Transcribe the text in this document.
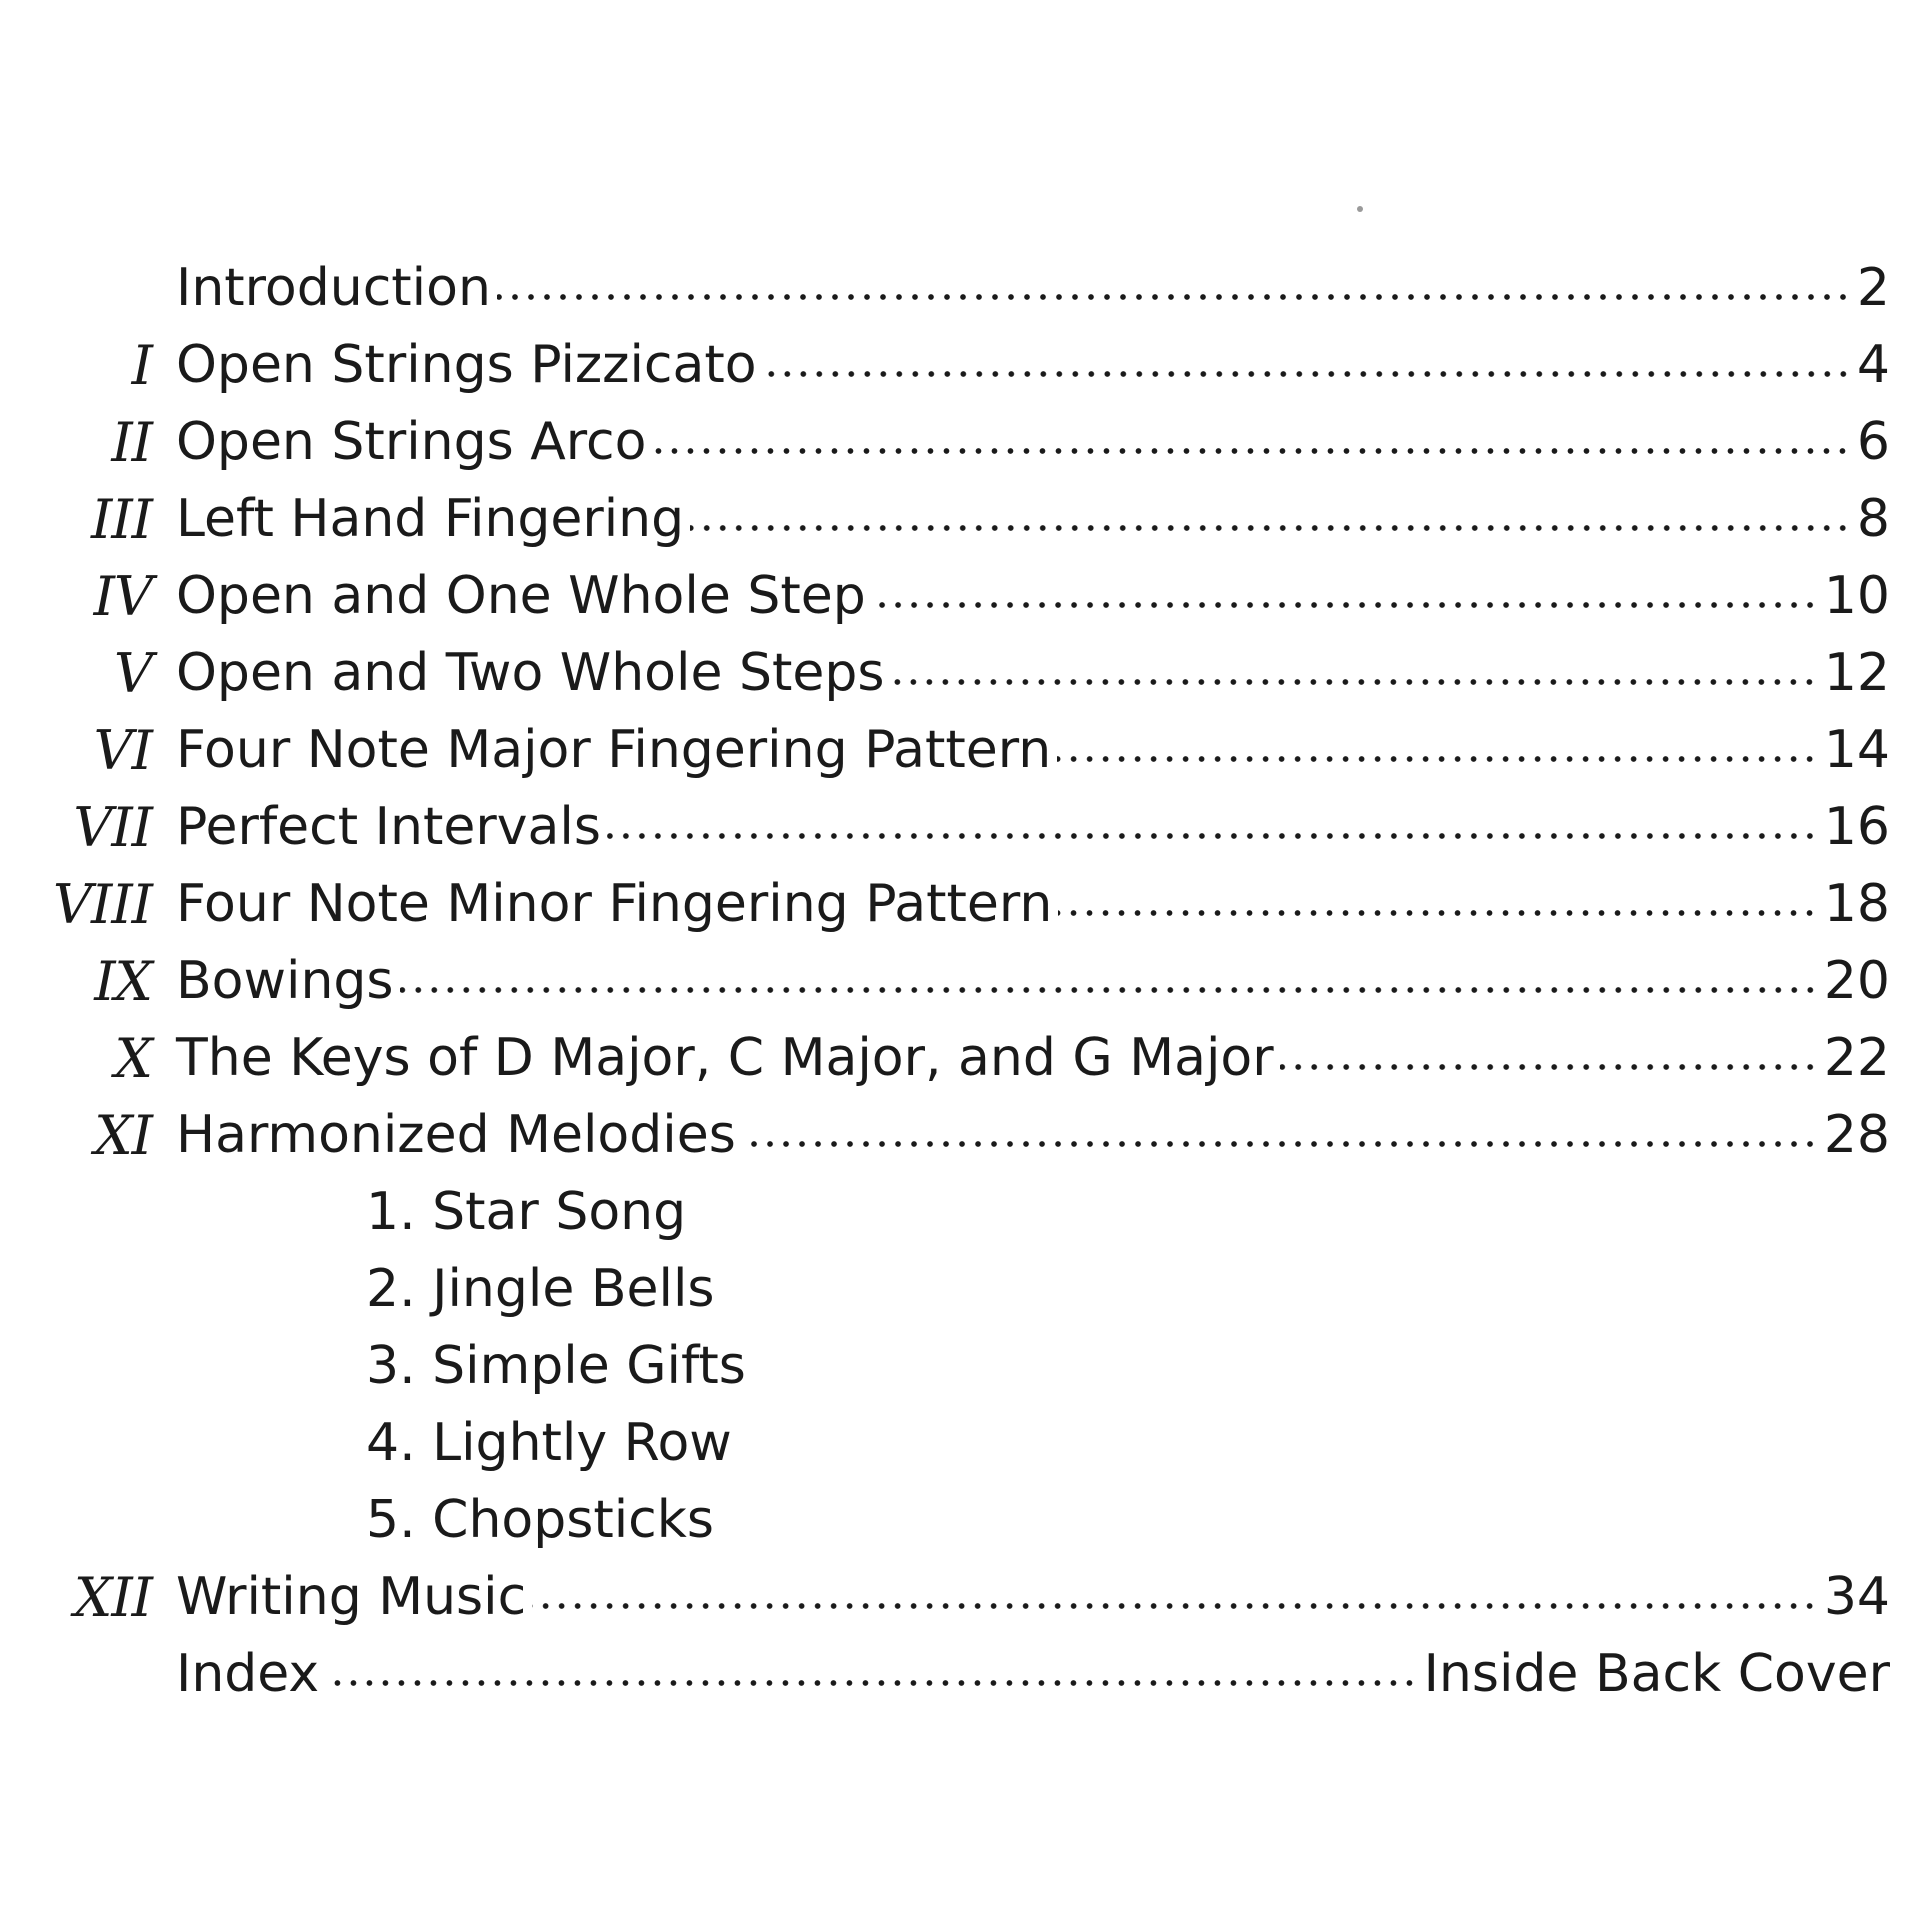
Introduction	2
I Open Strings Pizzicato	4
II Open Strings Arco	6
III Left Hand Fingering	8
IV Open and One Whole Step	10
V Open and Two Whole Steps	12
VI Four Note Major Fingering Pattern	14
VII Perfect Intervals	16
VIII Four Note Minor Fingering Pattern	18
IX Bowings	20
X The Keys of D Major, C Major, and G Major	22
XI Harmonized Melodies	28
1. Star Song
2. Jingle Bells
3. Simple Gifts
4. Lightly Row
5. Chopsticks
XII Writing Music	34
Index	Inside Back Cover
